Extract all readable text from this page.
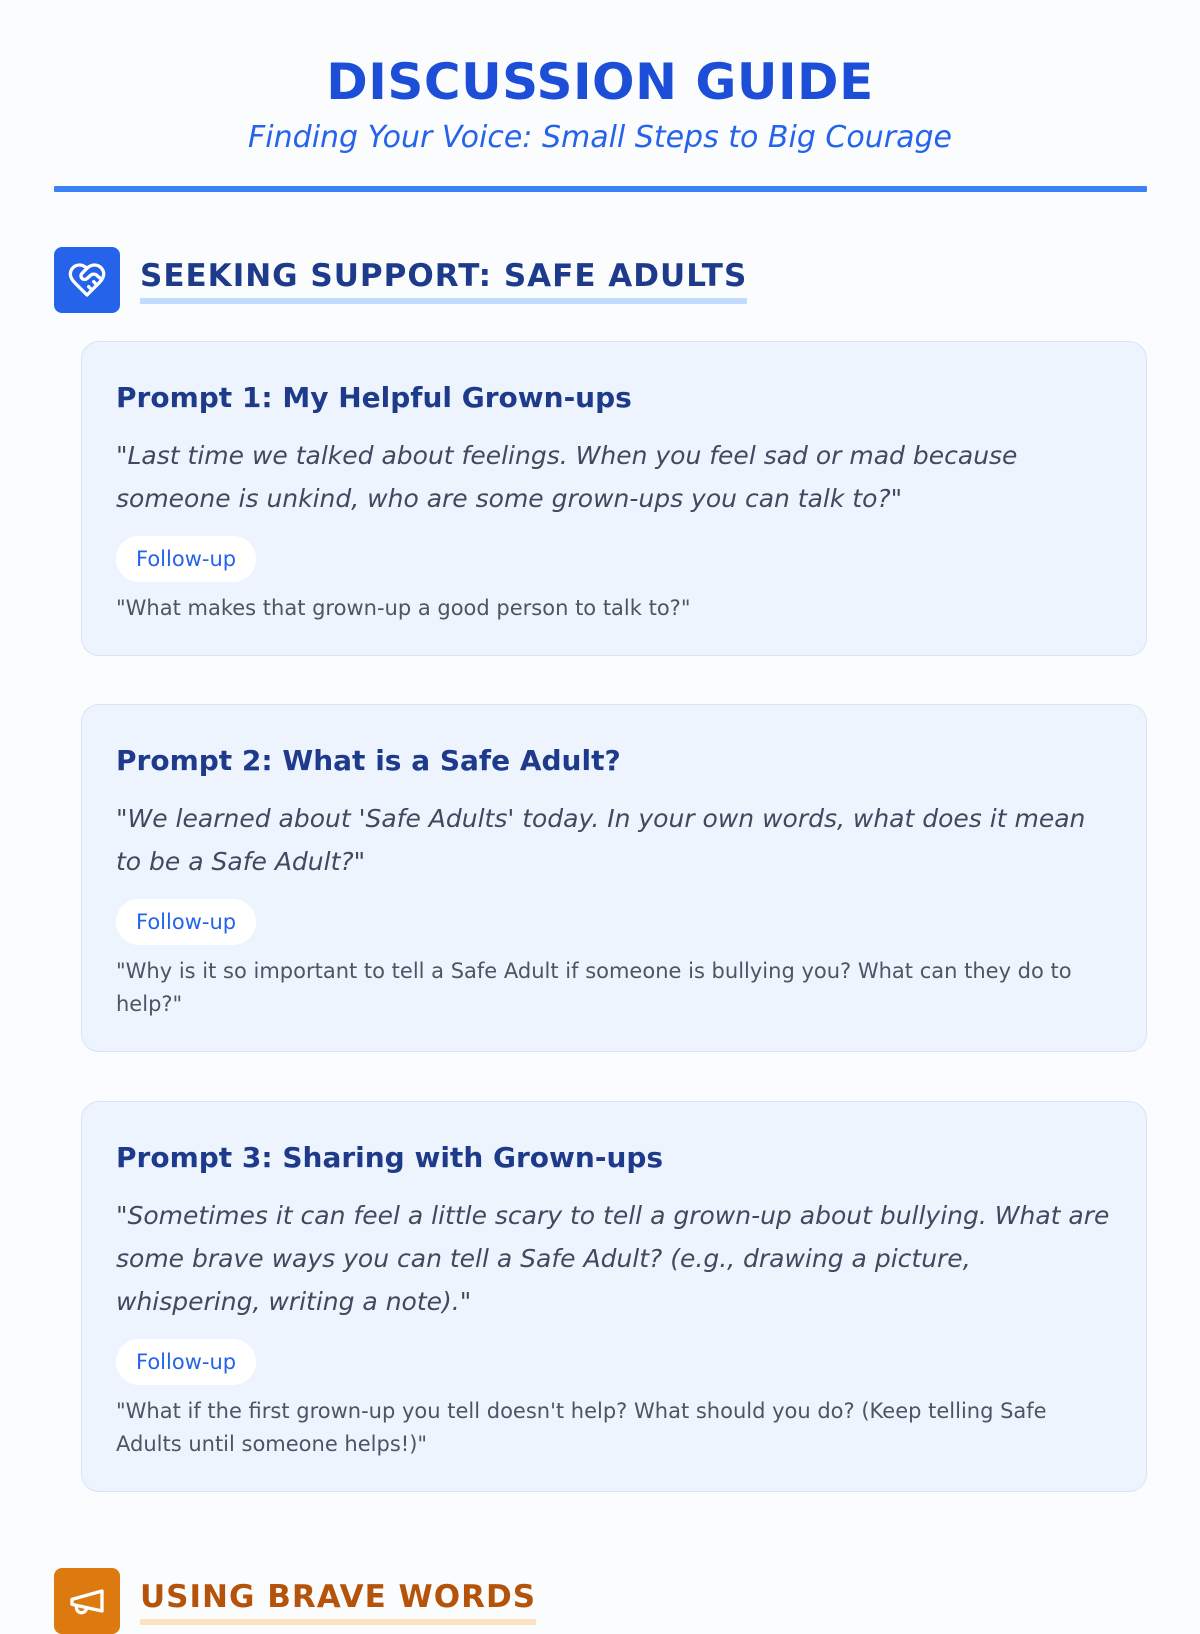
DISCUSSION GUIDE
Finding Your Voice: Small Steps to Big Courage
SEEKING SUPPORT: SAFE ADULTS
Prompt 1: My Helpful Grown-ups

"Last time we talked about feelings. When you feel sad or mad because someone is unkind, who are some grown-ups you can talk to?"

Follow-up

"What makes that grown-up a good person to talk to?"

Prompt 2: What is a Safe Adult?

"We learned about 'Safe Adults' today. In your own words, what does it mean to be a Safe Adult?"

Follow-up

"Why is it so important to tell a Safe Adult if someone is bullying you? What can they do to help?"

Prompt 3: Sharing with Grown-ups

"Sometimes it can feel a little scary to tell a grown-up about bullying. What are some brave ways you can tell a Safe Adult? (e.g., drawing a picture, whispering, writing a note)."

Follow-up

"What if the first grown-up you tell doesn't help? What should you do? (Keep telling Safe Adults until someone helps!)"

USING BRAVE WORDS
